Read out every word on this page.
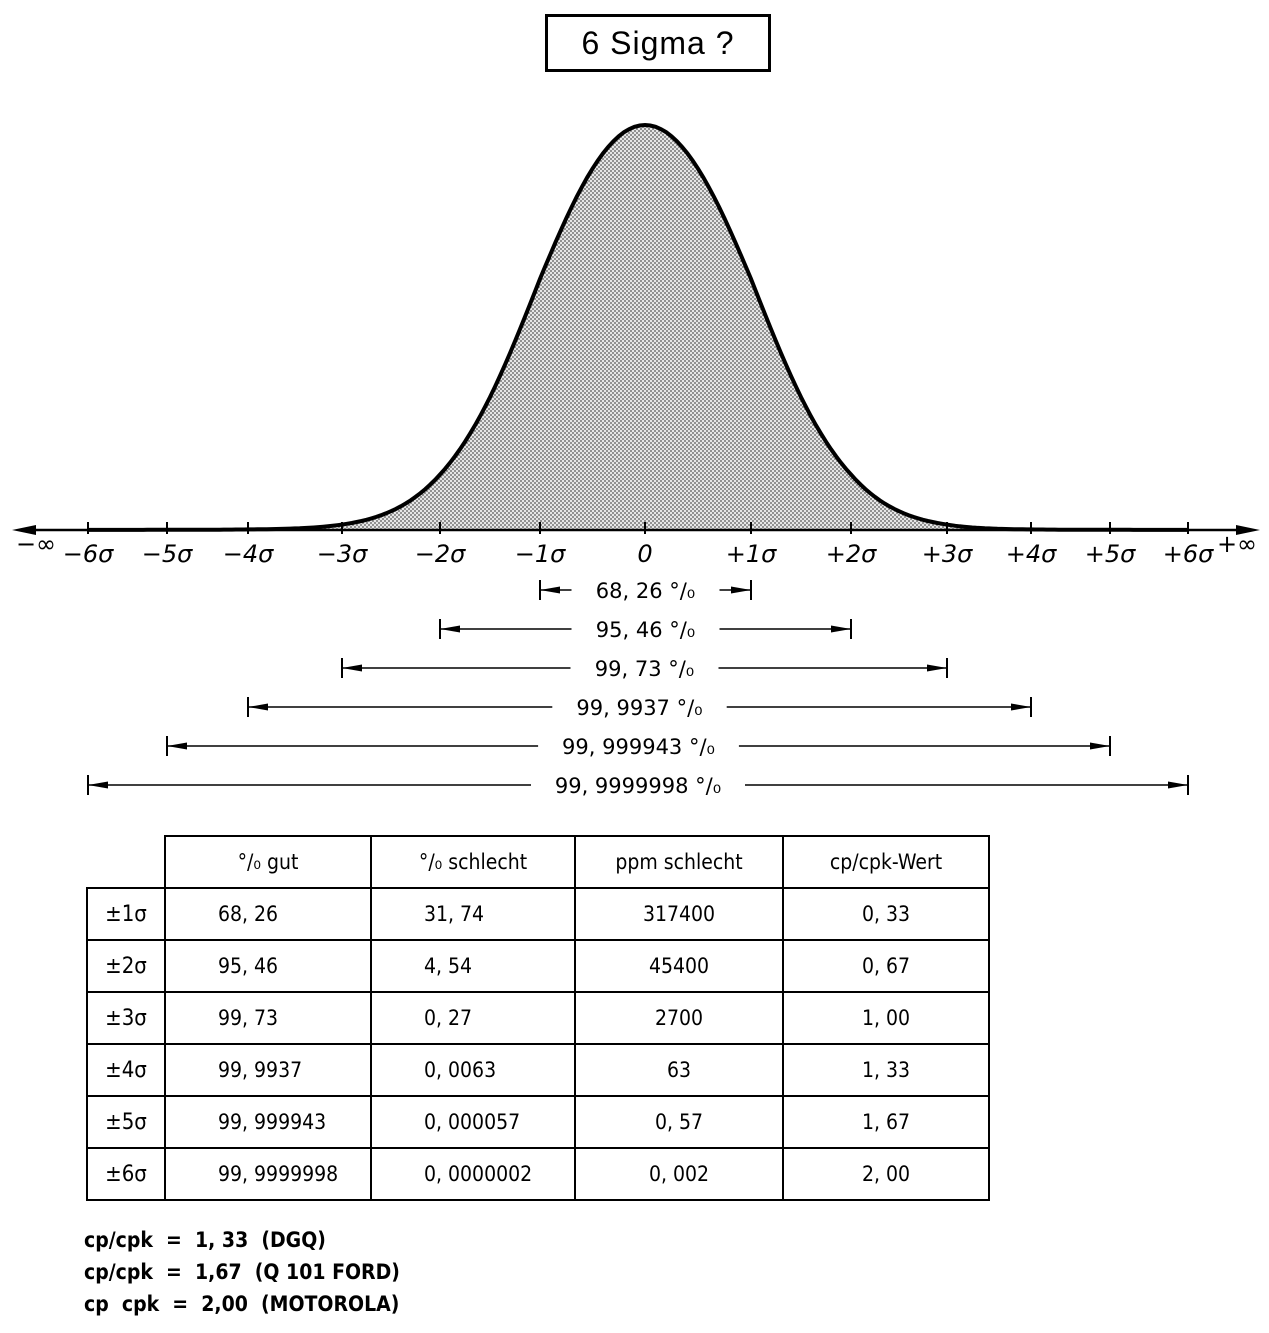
6 Sigma ?
−6σ −5σ −4σ −3σ −2σ −1σ	0	+1σ +2σ +3σ +4σ +5σ +6σ
−∞	+∞
68, 26 °/₀
95, 46 °/₀
99, 73 °/₀
99, 9937 °/₀
99, 999943 °/₀
99, 9999998 °/₀
	°/₀ gut	°/₀ schlecht	ppm schlecht	cp/cpk-Wert
±1σ	68, 26	31, 74	317400	0, 33
±2σ	95, 46	4, 54	45400	0, 67
±3σ	99, 73	0, 27	2700	1, 00
±4σ	99, 9937	0, 0063	63	1, 33
±5σ	99, 999943	0, 000057	0, 57	1, 67
±6σ	99, 9999998	0, 0000002	0, 002	2, 00
cp/cpk  =  1, 33  (DGQ)
cp/cpk  =  1,67  (Q 101 FORD)
cp  cpk  =  2,00  (MOTOROLA)
